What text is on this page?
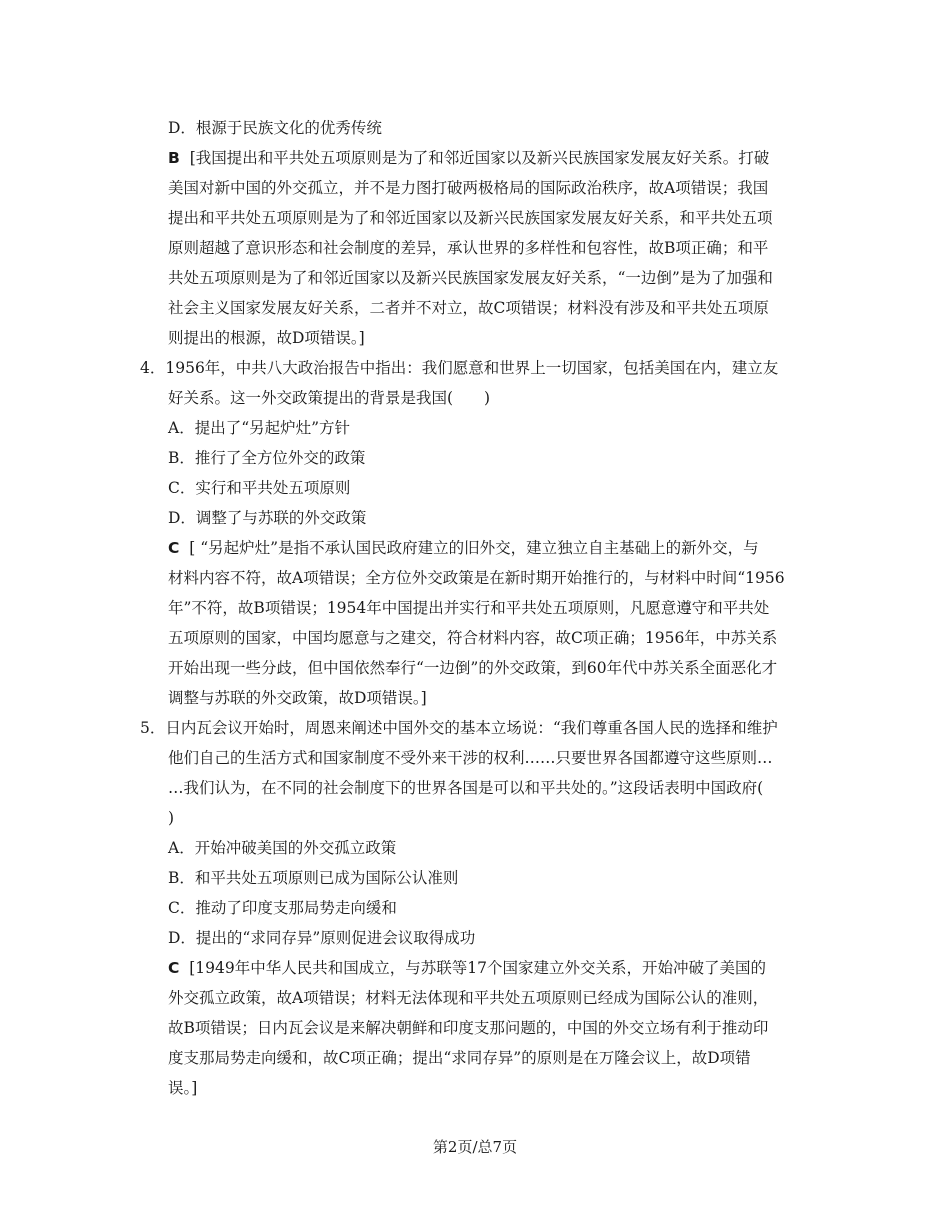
D．根源于民族文化的优秀传统
B [我国提出和平共处五项原则是为了和邻近国家以及新兴民族国家发展友好关系。打破
美国对新中国的外交孤立，并不是力图打破两极格局的国际政治秩序，故A项错误；我国
提出和平共处五项原则是为了和邻近国家以及新兴民族国家发展友好关系，和平共处五项
原则超越了意识形态和社会制度的差异，承认世界的多样性和包容性，故B项正确；和平
共处五项原则是为了和邻近国家以及新兴民族国家发展友好关系，“一边倒”是为了加强和
社会主义国家发展友好关系，二者并不对立，故C项错误；材料没有涉及和平共处五项原
则提出的根源，故D项错误。]
4．1956年，中共八大政治报告中指出：我们愿意和世界上一切国家，包括美国在内，建立友
好关系。这一外交政策提出的背景是我国(　　)
A．提出了“另起炉灶”方针
B．推行了全方位外交的政策
C．实行和平共处五项原则
D．调整了与苏联的外交政策
C [ “另起炉灶”是指不承认国民政府建立的旧外交，建立独立自主基础上的新外交，与
材料内容不符，故A项错误；全方位外交政策是在新时期开始推行的，与材料中时间“1956
年”不符，故B项错误；1954年中国提出并实行和平共处五项原则，凡愿意遵守和平共处
五项原则的国家，中国均愿意与之建交，符合材料内容，故C项正确；1956年，中苏关系
开始出现一些分歧，但中国依然奉行“一边倒”的外交政策，到60年代中苏关系全面恶化才
调整与苏联的外交政策，故D项错误。]
5．日内瓦会议开始时，周恩来阐述中国外交的基本立场说：“我们尊重各国人民的选择和维护
他们自己的生活方式和国家制度不受外来干涉的权利……只要世界各国都遵守这些原则…
…我们认为，在不同的社会制度下的世界各国是可以和平共处的。”这段话表明中国政府(
)
A．开始冲破美国的外交孤立政策
B．和平共处五项原则已成为国际公认准则
C．推动了印度支那局势走向缓和
D．提出的“求同存异”原则促进会议取得成功
C [1949年中华人民共和国成立，与苏联等17个国家建立外交关系，开始冲破了美国的
外交孤立政策，故A项错误；材料无法体现和平共处五项原则已经成为国际公认的准则，
故B项错误；日内瓦会议是来解决朝鲜和印度支那问题的，中国的外交立场有利于推动印
度支那局势走向缓和，故C项正确；提出“求同存异”的原则是在万隆会议上，故D项错
误。]
第2页/总7页
